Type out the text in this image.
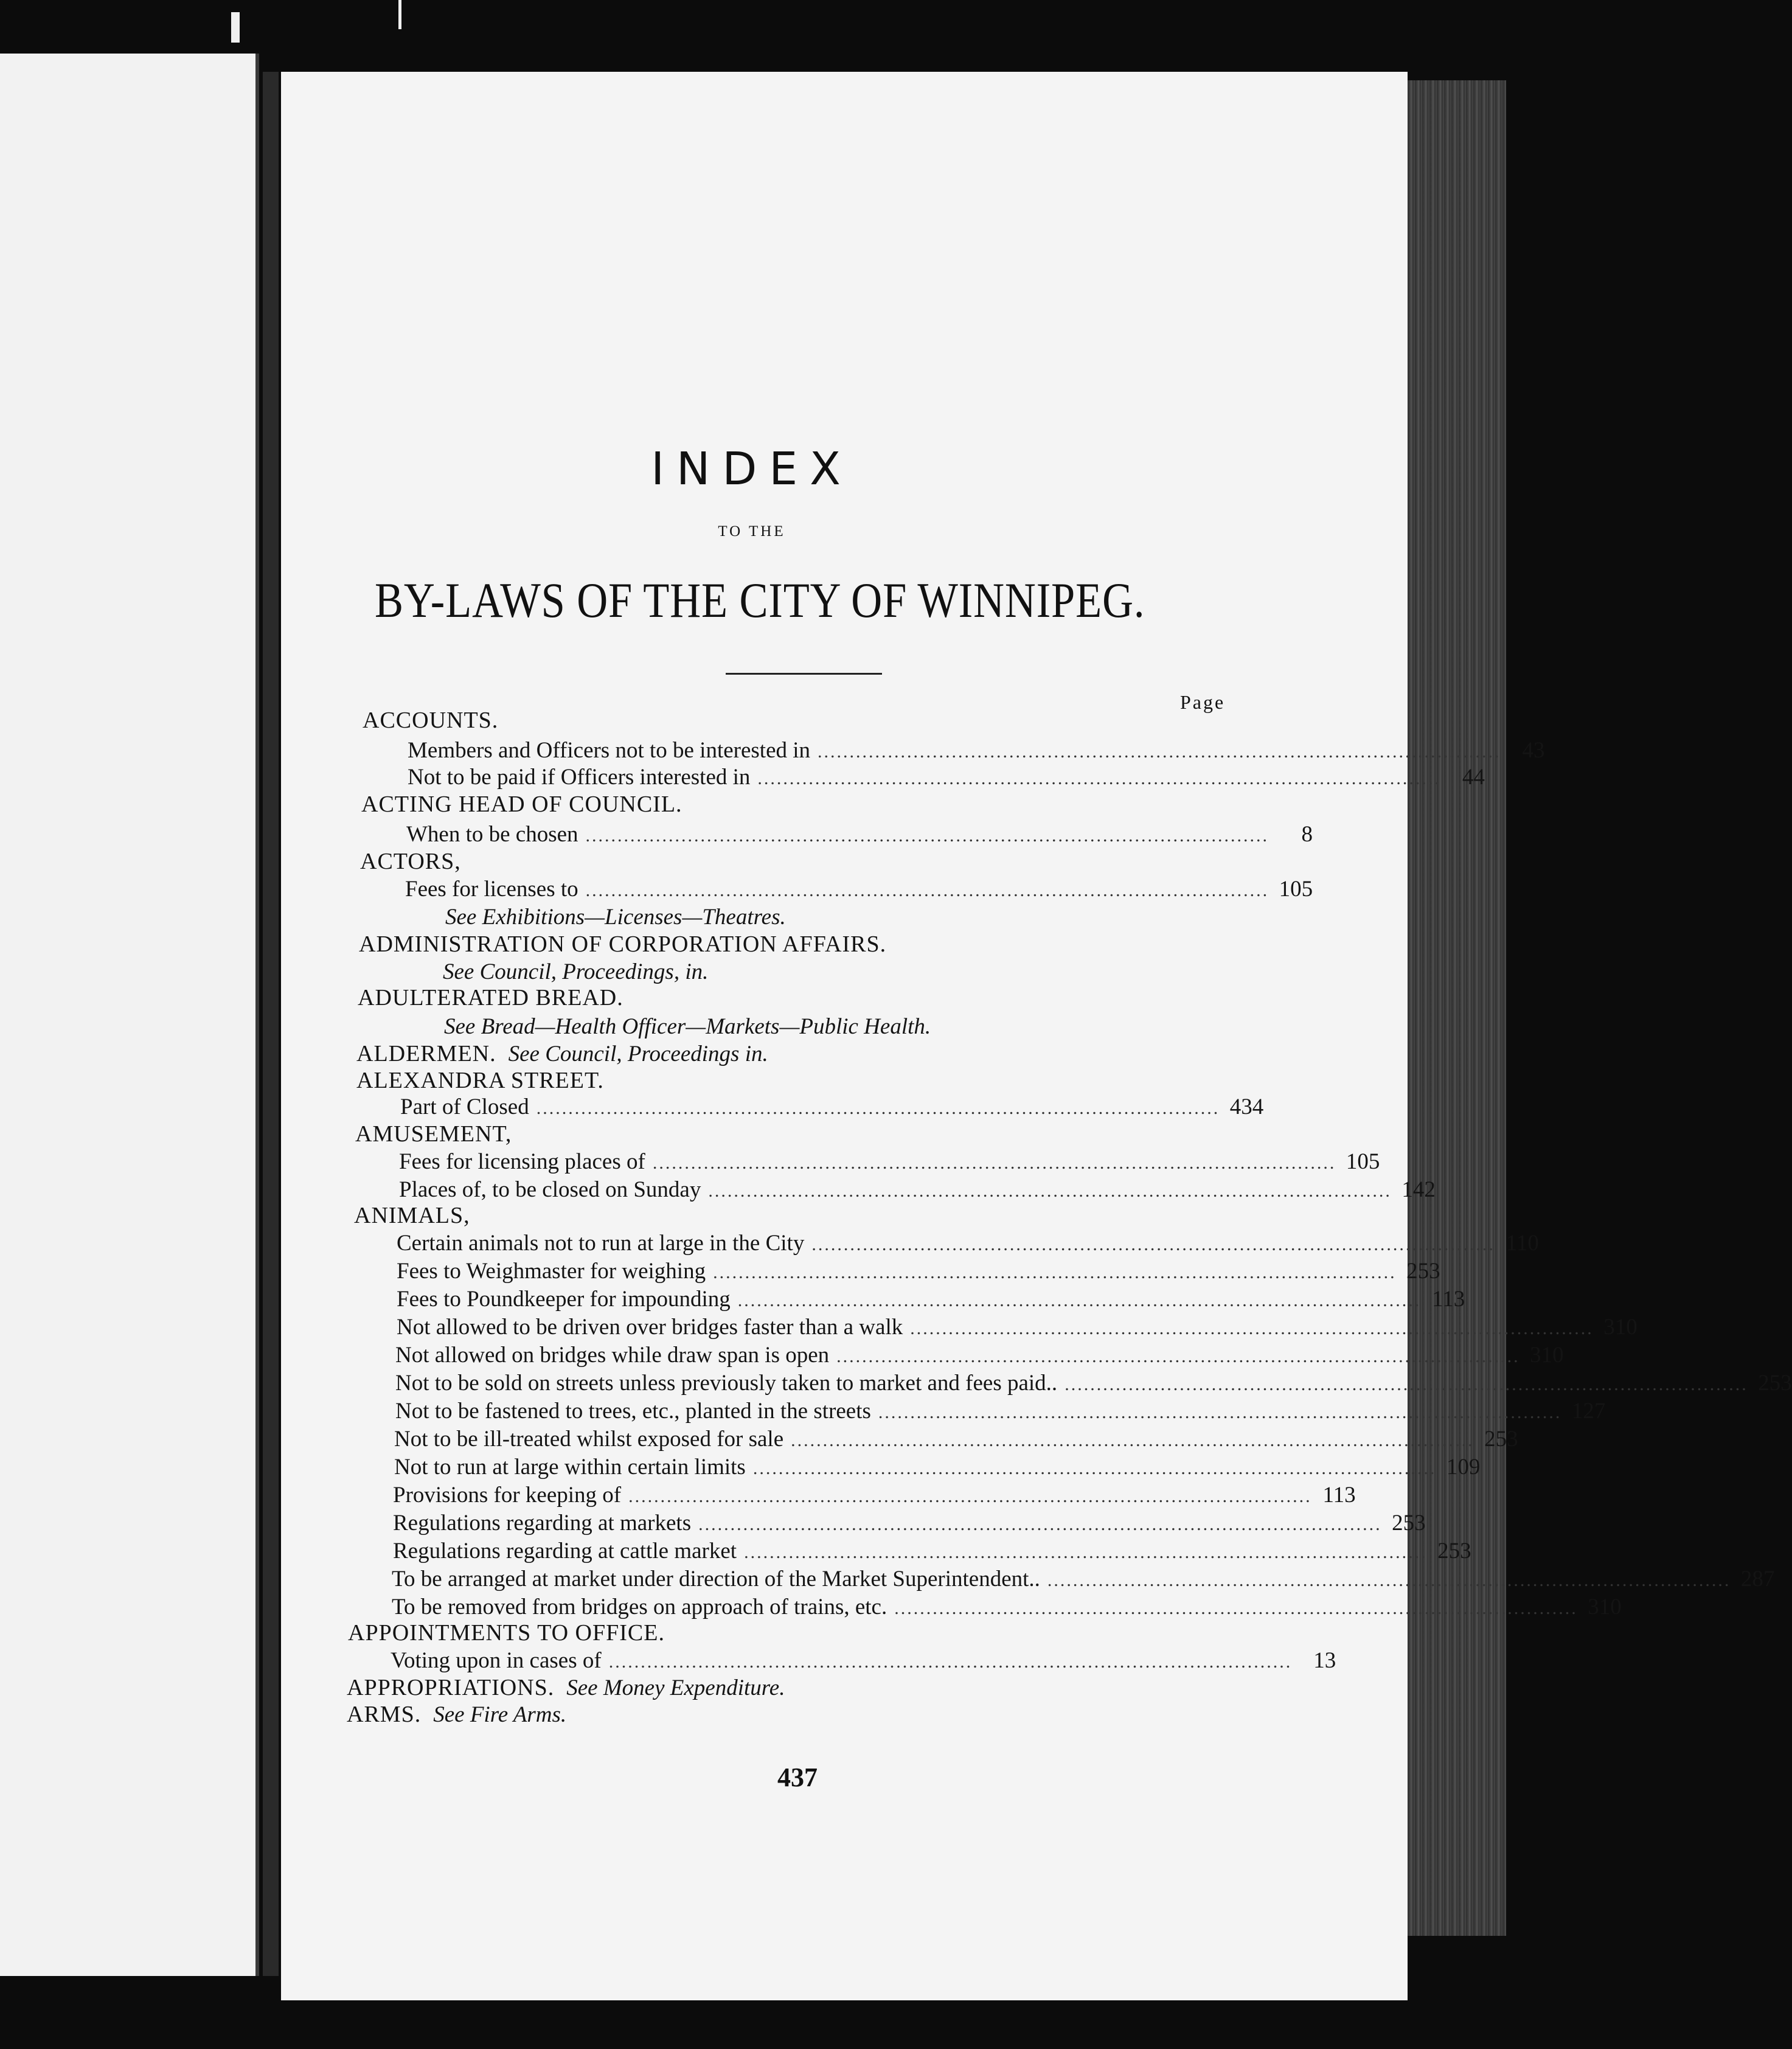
INDEX
TO THE
BY-LAWS OF THE CITY OF WINNIPEG.
Page
ACCOUNTS.
Members and Officers not to be interested in ........................................................................................................... 43
Not to be paid if Officers interested in ........................................................................................................... 44
ACTING HEAD OF COUNCIL.
When to be chosen ...........................................................................................................	8
ACTORS,
Fees for licenses to ........................................................................................................... 105
See Exhibitions—Licenses—Theatres.
ADMINISTRATION OF CORPORATION AFFAIRS.
See Council, Proceedings, in.
ADULTERATED BREAD.
See Bread—Health Officer—Markets—Public Health.
ALDERMEN. See Council, Proceedings in.
ALEXANDRA STREET.
Part of Closed ........................................................................................................... 434
AMUSEMENT,
Fees for licensing places of ........................................................................................................... 105
Places of, to be closed on Sunday ........................................................................................................... 142
ANIMALS,
Certain animals not to run at large in the City ........................................................................................................... 110
Fees to Weighmaster for weighing ........................................................................................................... 253
Fees to Poundkeeper for impounding ........................................................................................................... 113
Not allowed to be driven over bridges faster than a walk ........................................................................................................... 310
Not allowed on bridges while draw span is open ........................................................................................................... 310
Not to be sold on streets unless previously taken to market and fees paid.. ........................................................................................................... 253
Not to be fastened to trees, etc., planted in the streets ........................................................................................................... 127
Not to be ill-treated whilst exposed for sale ........................................................................................................... 253
Not to run at large within certain limits ........................................................................................................... 109
Provisions for keeping of ........................................................................................................... 113
Regulations regarding at markets ........................................................................................................... 253
Regulations regarding at cattle market ........................................................................................................... 253
To be arranged at market under direction of the Market Superintendent.. ........................................................................................................... 287
To be removed from bridges on approach of trains, etc. ........................................................................................................... 310
APPOINTMENTS TO OFFICE.
Voting upon in cases of ........................................................................................................... 13
APPROPRIATIONS. See Money Expenditure.
ARMS. See Fire Arms.
437
